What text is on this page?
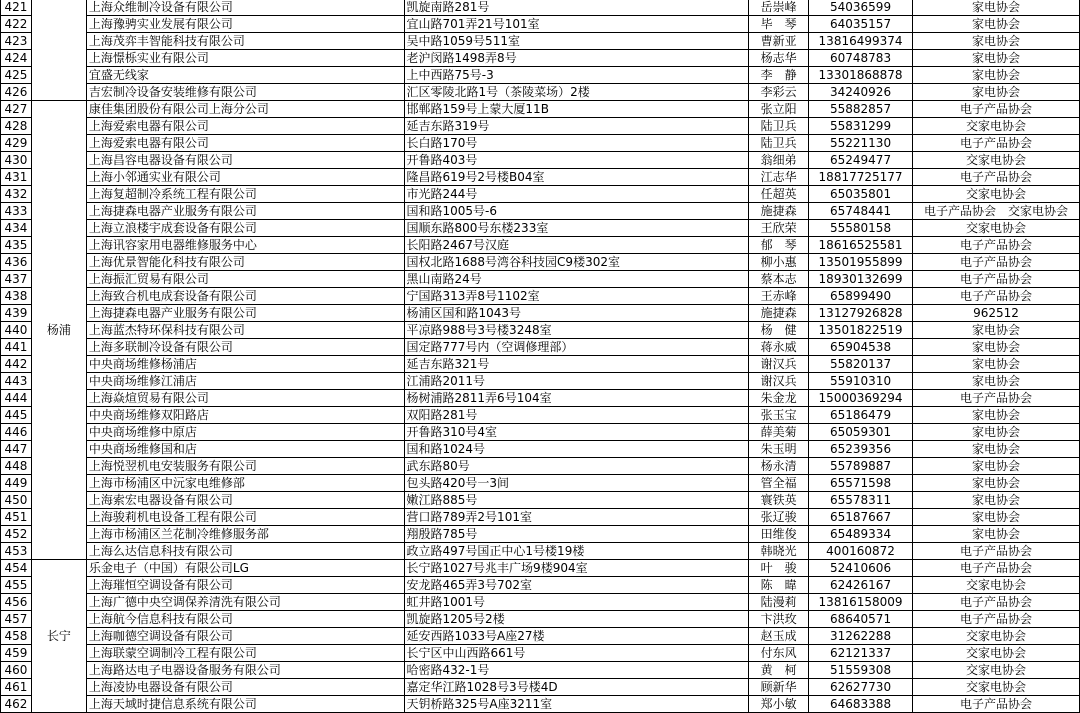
421		上海众维制冷设备有限公司	凯旋南路281号	岳崇峰	54036599	家电协会
422		上海豫骋实业发展有限公司	宜山路701弄21号101室	毕　琴	64035157	家电协会
423		上海茂弈丰智能科技有限公司	吴中路1059号511室	曹新亚	13816499374	家电协会
424		上海憬栎实业有限公司	老沪闵路1498弄8号	杨志华	60748783	家电协会
425		宜盛无线家	上中西路75号-3	李　静	13301868878	家电协会
426		吉宏制冷设备安装维修有限公司	汇区零陵北路1号（茶陵菜场）2楼	李彩云	34240926	家电协会
427	杨浦	康佳集团股份有限公司上海分公司	邯郸路159号上蒙大厦11B	张立阳	55882857	电子产品协会
428		上海爱索电器有限公司	延吉东路319号	陆卫兵	55831299	交家电协会
429		上海爱索电器有限公司	长白路170号	陆卫兵	55221130	电子产品协会
430		上海昌容电器设备有限公司	开鲁路403号	翁细弟	65249477	交家电协会
431		上海小邻通实业有限公司	隆昌路619号2号楼B04室	江志华	18817725177	电子产品协会
432		上海复超制冷系统工程有限公司	市光路244号	任超英	65035801	交家电协会
433		上海捷森电器产业服务有限公司	国和路1005号-6	施捷森	65748441	电子产品协会　交家电协会
434		上海立浪楼宇成套设备有限公司	国顺东路800号东楼233室	王欣荣	55580158	交家电协会
435		上海讯容家用电器维修服务中心	长阳路2467号汉庭	郁　琴	18616525581	电子产品协会
436		上海优景智能化科技有限公司	国权北路1688号湾谷科技园C9楼302室	柳小惠	13501955899	电子产品协会
437		上海振汇贸易有限公司	黑山南路24号	蔡本志	18930132699	电子产品协会
438		上海致合机电成套设备有限公司	宁国路313弄8号1102室	王赤峰	65899490	电子产品协会
439		上海捷森电器产业服务有限公司	杨浦区国和路1043号	施捷森	13127926828	962512
440		上海蓝杰特环保科技有限公司	平凉路988号3号楼3248室	杨　健	13501822519	家电协会
441		上海多联制冷设备有限公司	国定路777号内（空调修理部）	蒋永威	65904538	家电协会
442		中央商场维修杨浦店	延吉东路321号	谢汉兵	55820137	家电协会
443		中央商场维修江浦店	江浦路2011号	谢汉兵	55910310	家电协会
444		上海焱煊贸易有限公司	杨树浦路2811弄6号104室	朱金龙	15000369294	电子产品协会
445		中央商场维修双阳路店	双阳路281号	张玉宝	65186479	家电协会
446		中央商场维修中原店	开鲁路310号4室	薛美菊	65059301	家电协会
447		中央商场维修国和店	国和路1024号	朱玉明	65239356	家电协会
448		上海悦翌机电安装服务有限公司	武东路80号	杨永清	55789887	家电协会
449		上海市杨浦区中沅家电维修部	包头路420号一3间	管全福	65571598	家电协会
450		上海索宏电器设备有限公司	嫩江路885号	寰铁英	65578311	家电协会
451		上海骏莉机电设备工程有限公司	营口路789弄2号101室	张辽骏	65187667	家电协会
452		上海市杨浦区兰花制冷维修服务部	翔殷路785号	田维俊	65489334	家电协会
453		上海么达信息科技有限公司	政立路497号国正中心1号楼19楼	韩晓光	400160872	电子产品协会
454	长宁	乐金电子（中国）有限公司LG	长宁路1027号兆丰广场9楼904室	叶　骏	52410606	电子产品协会
455		上海璀恒空调设备有限公司	安龙路465弄3号702室	陈　暐	62426167	交家电协会
456		上海广德中央空调保养清洗有限公司	虹井路1001号	陆漫莉	13816158009	电子产品协会
457		上海航今信息科技有限公司	凯旋路1205号2楼	卞洪玫	68640571	电子产品协会
458		上海咖德空调设备有限公司	延安西路1033号A座27楼	赵玉成	31262288	交家电协会
459		上海联蒙空调制冷工程有限公司	长宁区中山西路661号	付东风	62121337	交家电协会
460		上海路达电子电器设备服务有限公司	哈密路432-1号	黄　柯	51559308	交家电协会
461		上海凌协电器设备有限公司	嘉定华江路1028号3号楼4D	顾新华	62627730	交家电协会
462		上海天域时捷信息系统有限公司	天钥桥路325号A座3211室	郑小敏	64683388	电子产品协会
